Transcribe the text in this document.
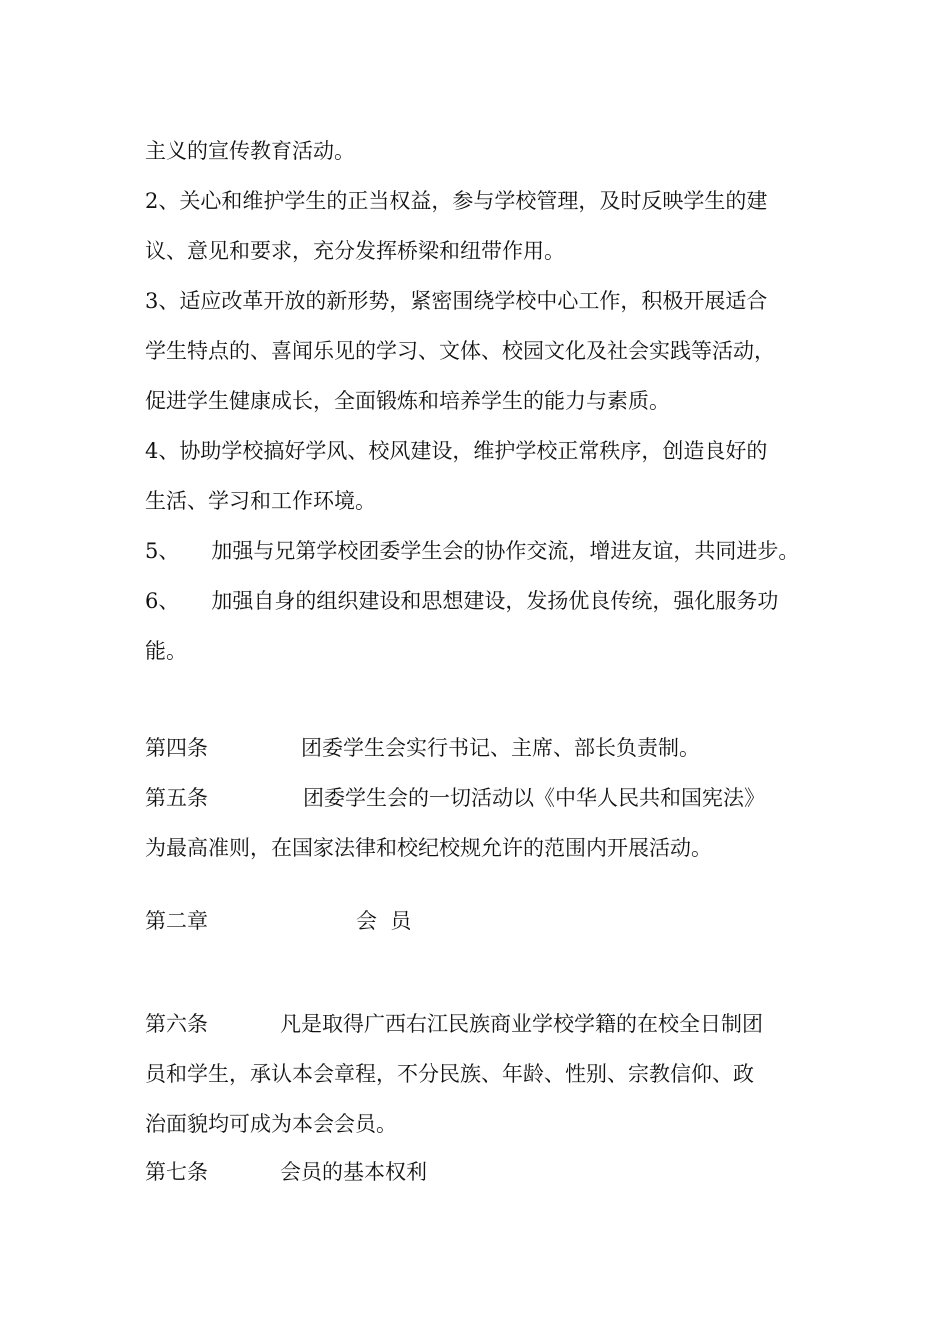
主义的宣传教育活动。
2、关心和维护学生的正当权益，参与学校管理，及时反映学生的建
议、意见和要求，充分发挥桥梁和纽带作用。
3、适应改革开放的新形势，紧密围绕学校中心工作，积极开展适合
学生特点的、喜闻乐见的学习、文体、校园文化及社会实践等活动，
促进学生健康成长，全面锻炼和培养学生的能力与素质。
4、协助学校搞好学风、校风建设，维护学校正常秩序，创造良好的
生活、学习和工作环境。
5、 加强与兄第学校团委学生会的协作交流，增进友谊，共同进步。
6、 加强自身的组织建设和思想建设，发扬优良传统，强化服务功
能。
第四条	团委学生会实行书记、主席、部长负责制。
第五条	团委学生会的一切活动以《中华人民共和国宪法》
为最高准则，在国家法律和校纪校规允许的范围内开展活动。
第二章	会  员
第六条	凡是取得广西右江民族商业学校学籍的在校全日制团
员和学生，承认本会章程，不分民族、年龄、性别、宗教信仰、政
治面貌均可成为本会会员。
第七条	会员的基本权利
